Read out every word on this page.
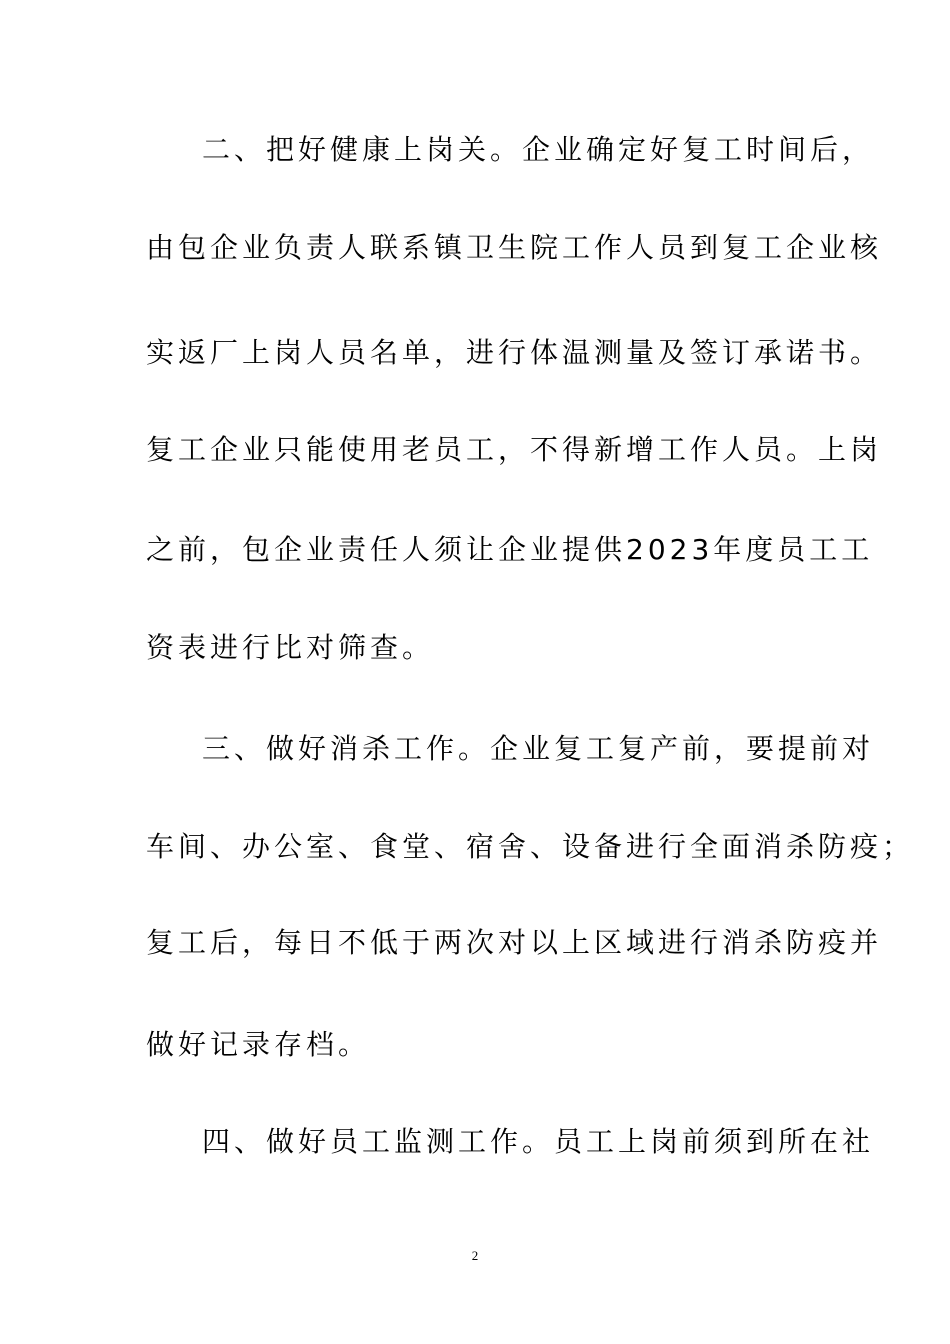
二、把好健康上岗关。企业确定好复工时间后，
由包企业负责人联系镇卫生院工作人员到复工企业核
实返厂上岗人员名单，进行体温测量及签订承诺书。
复工企业只能使用老员工，不得新增工作人员。上岗
之前，包企业责任人须让企业提供2023年度员工工
资表进行比对筛查。
三、做好消杀工作。企业复工复产前，要提前对
车间、办公室、食堂、宿舍、设备进行全面消杀防疫；
复工后，每日不低于两次对以上区域进行消杀防疫并
做好记录存档。
四、做好员工监测工作。员工上岗前须到所在社
2
